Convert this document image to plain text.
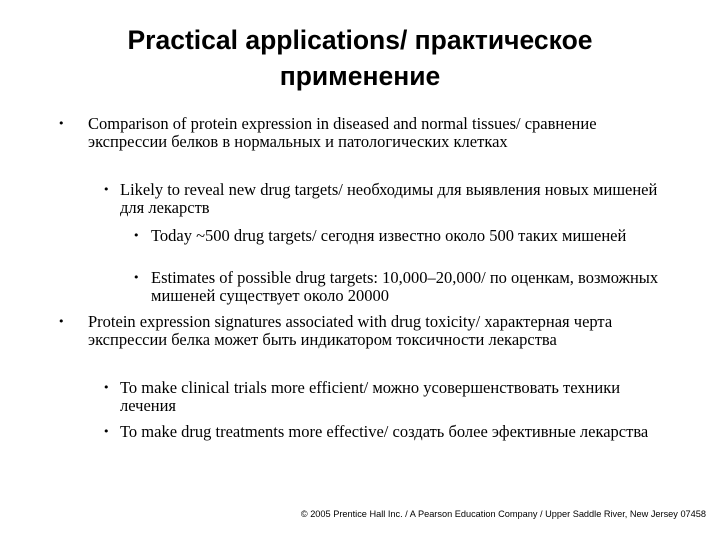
Practical applications/ практическое
применение
•	Comparison of protein expression in diseased and normal tissues/ сравнение экспрессии белков в нормальных и патологических клетках
• Likely to reveal new drug targets/ необходимы для выявления новых мишеней для лекарств
• Today ~500 drug targets/ сегодня известно около 500 таких мишеней
• Estimates of possible drug targets: 10,000–20,000/ по оценкам, возможных мишеней существует около 20000
•	Protein expression signatures associated with drug toxicity/ характерная черта экспрессии белка может быть индикатором токсичности лекарства
• To make clinical trials more efficient/ можно усовершенствовать техники лечения
• To make drug treatments more effective/ создать более эфективные лекарства
© 2005 Prentice Hall Inc. / A Pearson Education Company / Upper Saddle River, New Jersey 07458
